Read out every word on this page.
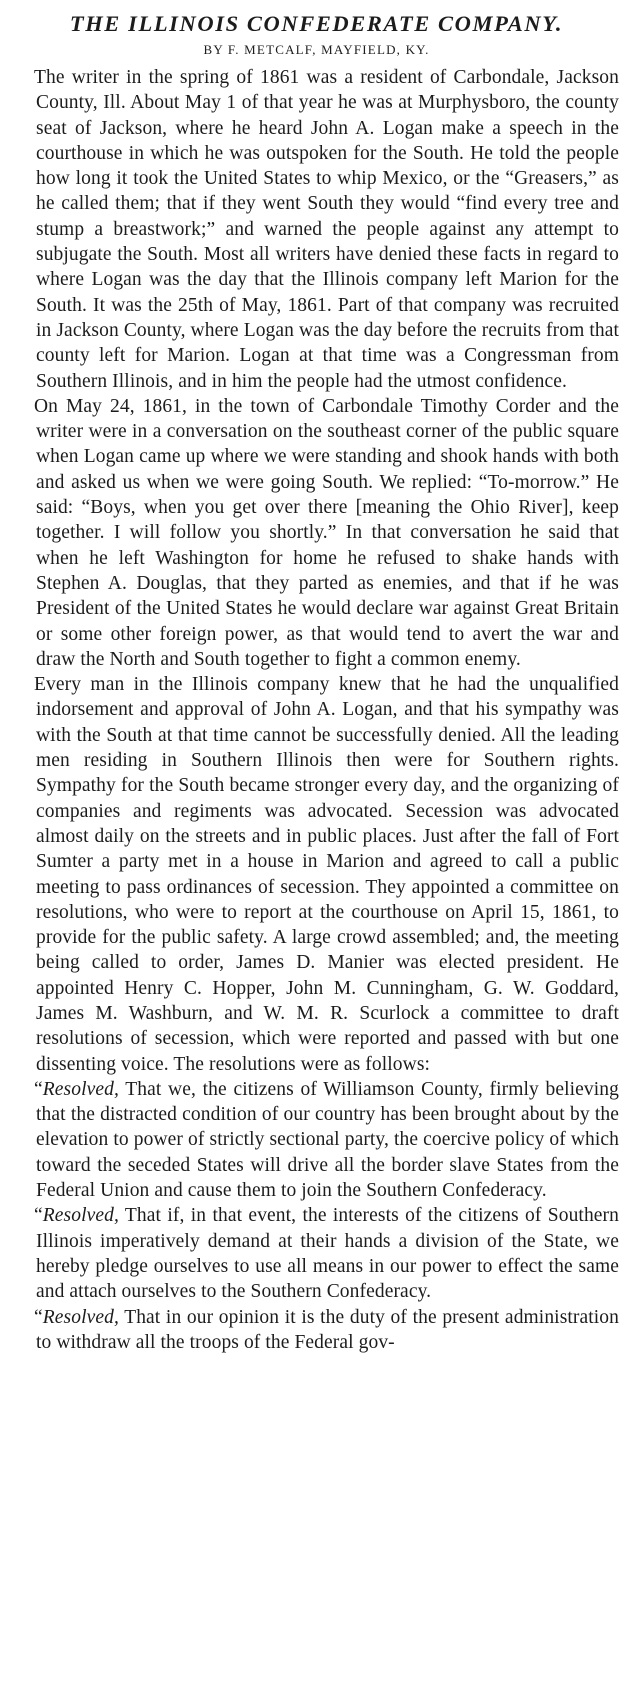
THE ILLINOIS CONFEDERATE COMPANY.
BY F. METCALF, MAYFIELD, KY.

The writer in the spring of 1861 was a resident of Carbondale, Jackson County, Ill. About May 1 of that year he was at Murphysboro, the county seat of Jackson, where he heard John A. Logan make a speech in the courthouse in which he was outspoken for the South. He told the people how long it took the United States to whip Mexico, or the “Greasers,” as he called them; that if they went South they would “find every tree and stump a breastwork;” and warned the people against any attempt to subjugate the South. Most all writers have denied these facts in regard to where Logan was the day that the Illinois company left Marion for the South. It was the 25th of May, 1861. Part of that company was recruited in Jackson County, where Logan was the day before the recruits from that county left for Marion. Logan at that time was a Congressman from Southern Illinois, and in him the people had the utmost confidence.

On May 24, 1861, in the town of Carbondale Timothy Corder and the writer were in a conversation on the southeast corner of the public square when Logan came up where we were standing and shook hands with both and asked us when we were going South. We replied: “To-morrow.” He said: “Boys, when you get over there [meaning the Ohio River], keep together. I will follow you shortly.” In that conversation he said that when he left Washington for home he refused to shake hands with Stephen A. Douglas, that they parted as enemies, and that if he was President of the United States he would declare war against Great Britain or some other foreign power, as that would tend to avert the war and draw the North and South together to fight a common enemy.

Every man in the Illinois company knew that he had the unqualified indorsement and approval of John A. Logan, and that his sympathy was with the South at that time cannot be successfully denied. All the leading men residing in Southern Illinois then were for Southern rights. Sympathy for the South became stronger every day, and the organizing of companies and regiments was advocated. Secession was advocated almost daily on the streets and in public places. Just after the fall of Fort Sumter a party met in a house in Marion and agreed to call a public meeting to pass ordinances of secession. They appointed a committee on resolutions, who were to report at the courthouse on April 15, 1861, to provide for the public safety. A large crowd assembled; and, the meeting being called to order, James D. Manier was elected president. He appointed Henry C. Hopper, John M. Cunningham, G. W. Goddard, James M. Washburn, and W. M. R. Scurlock a committee to draft resolutions of secession, which were reported and passed with but one dissenting voice. The resolutions were as follows:

“Resolved, That we, the citizens of Williamson County, firmly believing that the distracted condition of our country has been brought about by the elevation to power of strictly sectional party, the coercive policy of which toward the seceded States will drive all the border slave States from the Federal Union and cause them to join the Southern Confederacy.

“Resolved, That if, in that event, the interests of the citizens of Southern Illinois imperatively demand at their hands a division of the State, we hereby pledge ourselves to use all means in our power to effect the same and attach ourselves to the Southern Confederacy.

“Resolved, That in our opinion it is the duty of the present administration to withdraw all the troops of the Federal gov-
